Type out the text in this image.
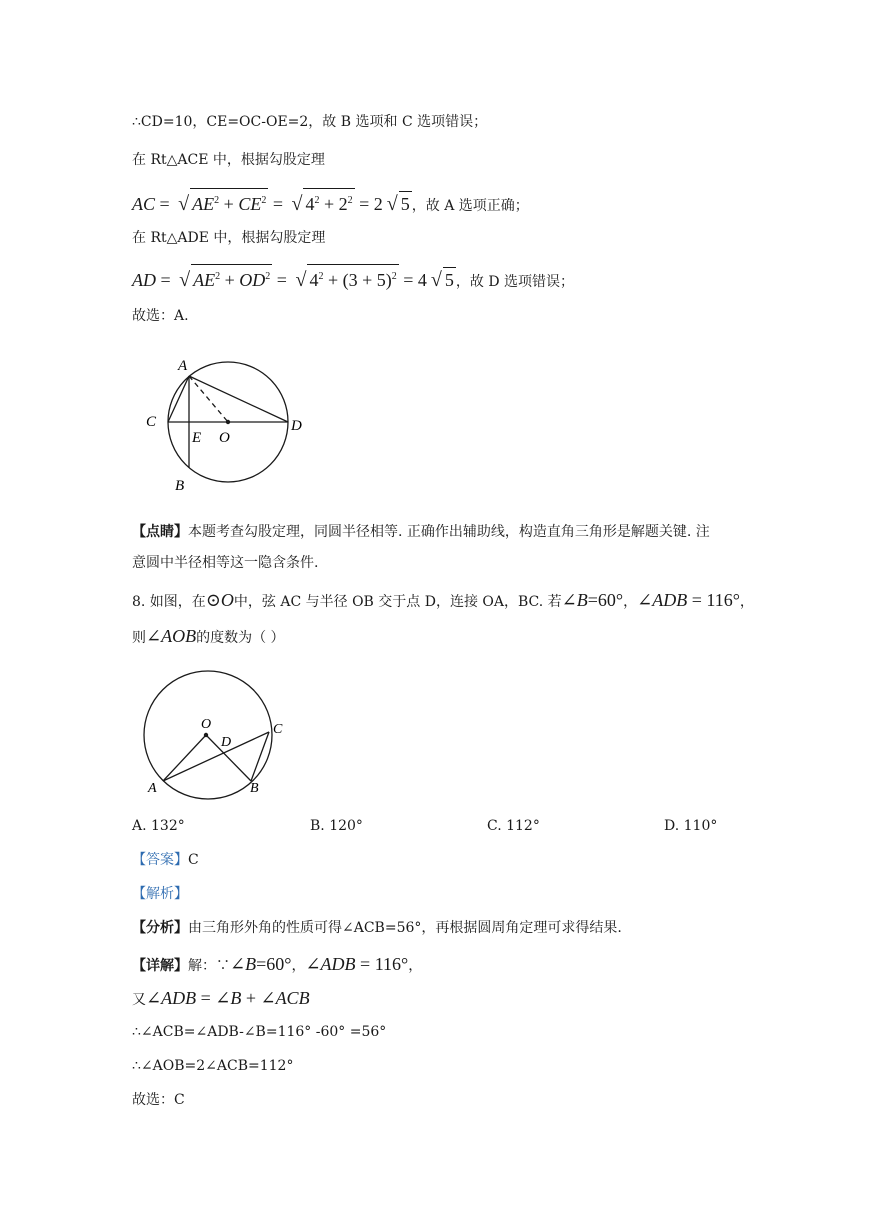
∴CD=10，CE=OC-OE=2，故 B 选项和 C 选项错误；
在 Rt△ACE 中，根据勾股定理
AC = √ $AE^2 + CE^2$ = √ $4^2 + 2^2 = 2$ √ 5 ，故 A 选项正确；
在 Rt△ADE 中，根据勾股定理
AD = √ $AE^2 + OD^2$ = √ $4^2 + (3 + 5)^2 = 4$ √ 5 ，故 D 选项错误；
故选：A.
A
C
E O
D
B
【点睛】本题考查勾股定理，同圆半径相等. 正确作出辅助线，构造直角三角形是解题关键. 注
意圆中半径相等这一隐含条件.
8. 如图，在⊙O中，弦 AC 与半径 OB 交于点 D，连接 OA，BC. 若∠B=60°，∠ADB = 116°，
则∠AOB的度数为（ ）
O
D
C
A	B
A. 132°	B. 120°	C. 112°	D. 110°
【答案】C
【解析】
【分析】由三角形外角的性质可得∠ACB=56°，再根据圆周角定理可求得结果.
【详解】解：∵∠B=60°，∠ADB = 116°，
又∠ADB = ∠B + ∠ACB
∴∠ACB=∠ADB-∠B=116° -60° =56°
∴∠AOB=2∠ACB=112°
故选：C
